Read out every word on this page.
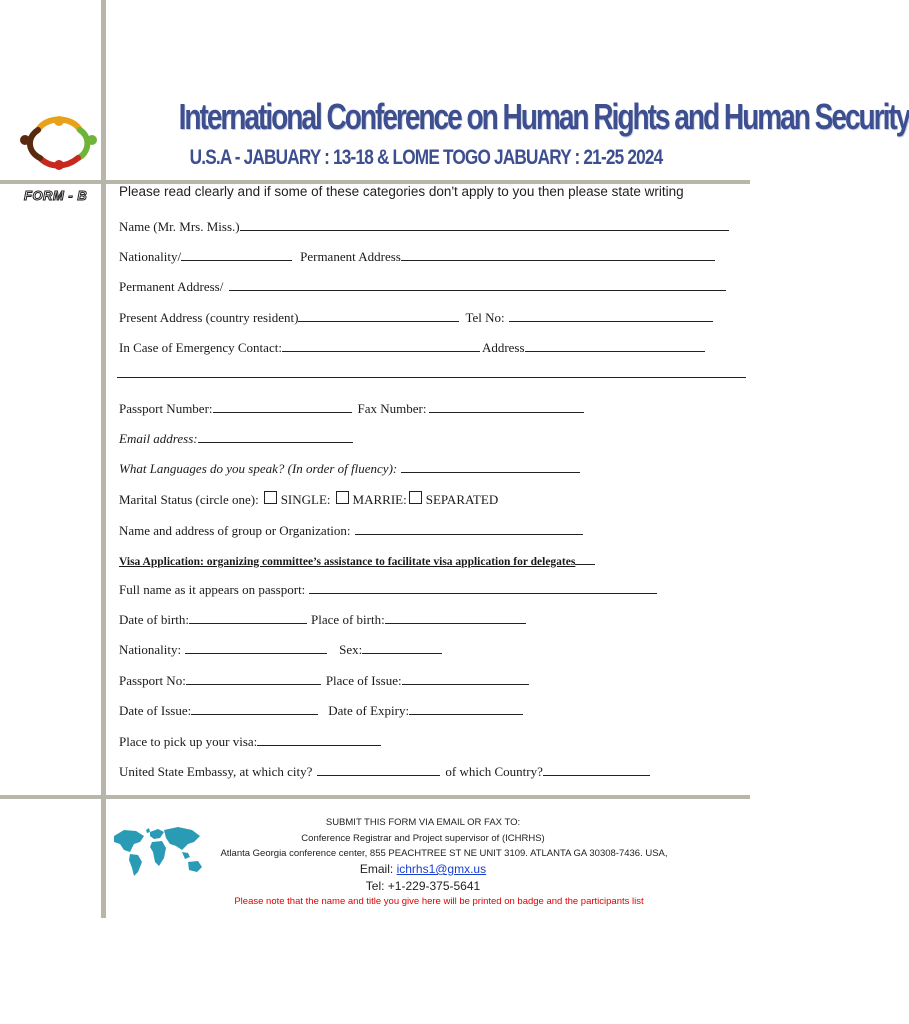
International Conference on Human Rights and Human Security
U.S.A - JABUARY : 13-18 & LOME TOGO JABUARY : 21-25 2024
FORM - B Please read clearly and if some of these categories don't apply to you then please state writing
Name (Mr. Mrs. Miss.)
Nationality/	Permanent Address
Permanent Address/
Present Address (country resident)	Tel No:
In Case of Emergency Contact:	Address
Passport Number:	Fax Number:
Email address:
What Languages do you speak? (In order of fluency):
Marital Status (circle one): SINGLE: MARRIE: SEPARATED
Name and address of group or Organization:
Visa Application: organizing committee’s assistance to facilitate visa application for delegates
Full name as it appears on passport:
Date of birth:	Place of birth:
Nationality:	Sex:
Passport No:	Place of Issue:
Date of Issue:	Date of Expiry:
Place to pick up your visa:
United State Embassy, at which city?	of which Country?
SUBMIT THIS FORM VIA EMAIL OR FAX TO:
Conference Registrar and Project supervisor of (ICHRHS)
Atlanta Georgia conference center, 855 PEACHTREE ST NE UNIT 3109. ATLANTA GA 30308-7436. USA,
Email: ichrhs1@gmx.us
Tel: +1-229-375-5641
Please note that the name and title you give here will be printed on badge and the participants list
